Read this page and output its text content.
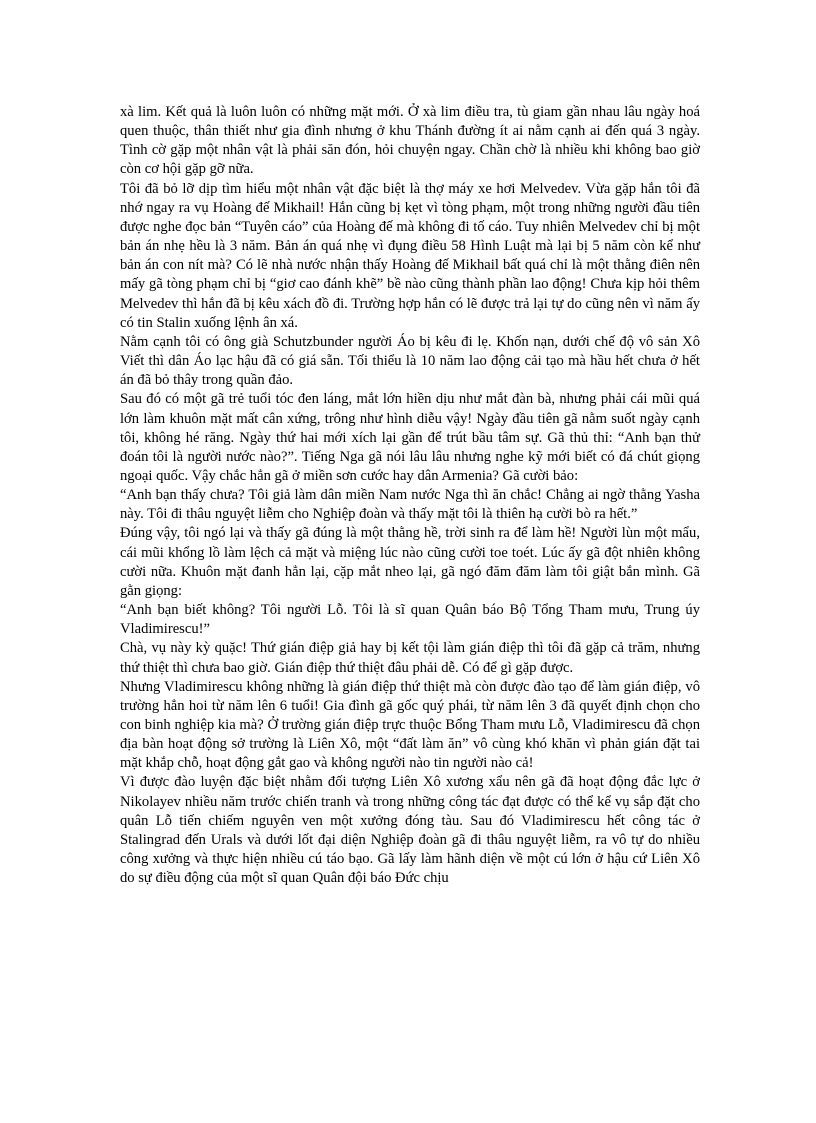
xà lim. Kết quả là luôn luôn có những mặt mới. Ở xà lim điều tra, tù giam gần nhau lâu ngày hoá quen thuộc, thân thiết như gia đình nhưng ở khu Thánh đường ít ai nằm cạnh ai đến quá 3 ngày. Tình cờ gặp một nhân vật là phải săn đón, hỏi chuyện ngay. Chần chờ là nhiều khi không bao giờ còn cơ hội gặp gỡ nữa.

Tôi đã bỏ lỡ dịp tìm hiểu một nhân vật đặc biệt là thợ máy xe hơi Melvedev. Vừa gặp hắn tôi đã nhớ ngay ra vụ Hoàng đế Mikhail! Hắn cũng bị kẹt vì tòng phạm, một trong những người đầu tiên được nghe đọc bản “Tuyên cáo” của Hoàng đế mà không đi tố cáo. Tuy nhiên Melvedev chỉ bị một bản án nhẹ hều là 3 năm. Bản án quá nhẹ vì đụng điều 58 Hình Luật mà lại bị 5 năm còn kể như bản án con nít mà? Có lẽ nhà nước nhận thấy Hoàng đế Mikhail bất quá chỉ là một thằng điên nên mấy gã tòng phạm chỉ bị “giơ cao đánh khẽ” bề nào cũng thành phần lao động! Chưa kịp hỏi thêm Melvedev thì hắn đã bị kêu xách đồ đi. Trường hợp hắn có lẽ được trả lại tự do cũng nên vì năm ấy có tin Stalin xuống lệnh ân xá.

Nằm cạnh tôi có ông già Schutzbunder người Áo bị kêu đi lẹ. Khốn nạn, dưới chế độ vô sản Xô Viết thì dân Áo lạc hậu đã có giá sẵn. Tối thiểu là 10 năm lao động cải tạo mà hầu hết chưa ở hết án đã bỏ thây trong quần đảo.

Sau đó có một gã trẻ tuổi tóc đen láng, mắt lớn hiền dịu như mắt đàn bà, nhưng phải cái mũi quá lớn làm khuôn mặt mất cân xứng, trông như hình diễu vậy! Ngày đầu tiên gã nằm suốt ngày cạnh tôi, không hé răng. Ngày thứ hai mới xích lại gần để trút bầu tâm sự. Gã thủ thỉ: “Anh bạn thử đoán tôi là người nước nào?”. Tiếng Nga gã nói lâu lâu nhưng nghe kỹ mới biết có đá chút giọng ngoại quốc. Vậy chắc hẳn gã ở miền sơn cước hay dân Armenia? Gã cười bảo:

“Anh bạn thấy chưa? Tôi giả làm dân miền Nam nước Nga thì ăn chắc! Chẳng ai ngờ thằng Yasha này. Tôi đi thâu nguyệt liễm cho Nghiệp đoàn và thấy mặt tôi là thiên hạ cười bò ra hết.”

Đúng vậy, tôi ngó lại và thấy gã đúng là một thằng hề, trời sinh ra để làm hề! Người lùn một mẩu, cái mũi khổng lồ làm lệch cả mặt và miệng lúc nào cũng cười toe toét. Lúc ấy gã đột nhiên không cười nữa. Khuôn mặt đanh hẳn lại, cặp mắt nheo lại, gã ngó đăm đăm làm tôi giật bắn mình. Gã gằn giọng:

“Anh bạn biết không? Tôi người Lỗ. Tôi là sĩ quan Quân báo Bộ Tổng Tham mưu, Trung úy Vladimirescu!”

Chà, vụ này kỳ quặc! Thứ gián điệp giả hay bị kết tội làm gián điệp thì tôi đã gặp cả trăm, nhưng thứ thiệt thì chưa bao giờ. Gián điệp thứ thiệt đâu phải dễ. Có để gì gặp được.

Nhưng Vladimirescu không những là gián điệp thứ thiệt mà còn được đào tạo để làm gián điệp, vô trường hẳn hoi từ năm lên 6 tuổi! Gia đình gã gốc quý phái, từ năm lên 3 đã quyết định chọn cho con binh nghiệp kia mà? Ở trường gián điệp trực thuộc Bổng Tham mưu Lỗ, Vladimirescu đã chọn địa bàn hoạt động sở trường là Liên Xô, một “đất làm ăn” vô cùng khó khăn vì phản gián đặt tai mặt khắp chỗ, hoạt động gắt gao và không người nào tin người nào cả!

Vì được đào luyện đặc biệt nhằm đối tượng Liên Xô xương xẩu nên gã đã hoạt động đắc lực ở Nikolayev nhiều năm trước chiến tranh và trong những công tác đạt được có thể kể vụ sắp đặt cho quân Lỗ tiến chiếm nguyên ven một xưởng đóng tàu. Sau đó Vladimirescu hết công tác ở Stalingrad đến Urals và dưới lốt đại diện Nghiệp đoàn gã đi thâu nguyệt liễm, ra vô tự do nhiều công xưởng và thực hiện nhiều cú táo bạo. Gã lấy làm hãnh diện về một cú lớn ở hậu cứ Liên Xô do sự điều động của một sĩ quan Quân đội báo Đức chịu
